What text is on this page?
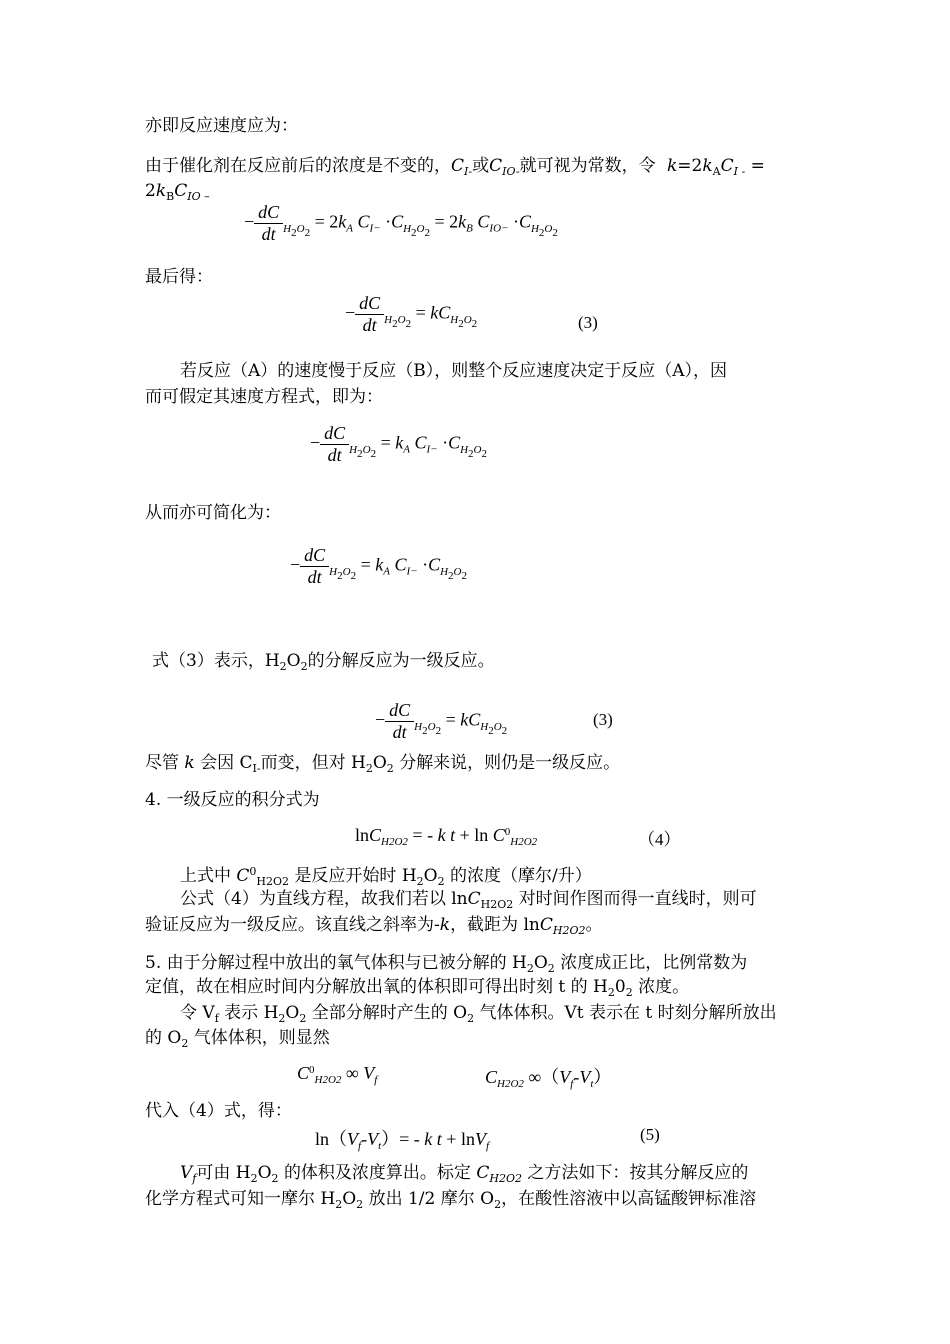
亦即反应速度应为：
由于催化剂在反应前后的浓度是不变的，$C_{I-}$或$C_{IO-}$就可视为常数，令 $k=2k_AC_{I -}$ =
$2k_BC_{IO -}$
− $\frac{dC}{dt} _{H_2O_2} = 2k_A$ $C_{I-} \cdot C_{H_2O_2} = 2k_B$ $C_{IO-} \cdot C_{H_2O_2}$
最后得：
− $\frac{dC}{dt} _{H_2O_2} = kC_{H_2O_2}$	(3)
若反应（A）的速度慢于反应（B），则整个反应速度决定于反应（A），因
而可假定其速度方程式，即为：
− $\frac{dC}{dt} _{H_2O_2} = k_A$ $C_{I-} \cdot C_{H_2O_2}$
从而亦可简化为：
− $\frac{dC}{dt} _{H_2O_2} = k_A$ $C_{I-} \cdot C_{H_2O_2}$
式（3）表示，$H_2O_2$的分解反应为一级反应。
− $\frac{dC}{dt} _{H_2O_2} = kC_{H_2O_2}$
(3)
尽管 k 会因 $C_{I-}$而变，但对 $H_2O_2$ 分解来说，则仍是一级反应。
4. 一级反应的积分式为
lnC$_{H2O2}$ = - k $t + \ln C^0_{H2O2}$	（4）
上式中 $C^0_{H2O2}$ 是反应开始时 $H_2O_2$ 的浓度（摩尔/升）
公式（4）为直线方程，故我们若以 lnC$_{H2O2}$ 对时间作图而得一直线时，则可
验证反应为一级反应。该直线之斜率为-k，截距为 lnC$_{H2O2}$。
5. 由于分解过程中放出的氧气体积与已被分解的 $H_2O_2$ 浓度成正比，比例常数为
定值，故在相应时间内分解放出氧的体积即可得出时刻 t 的 $H_20_2$ 浓度。
令 $V_f$ 表示 $H_2O_2$ 全部分解时产生的 $O_2$ 气体体积。Vt 表示在 t 时刻分解所放出
的 $O_2$ 气体体积，则显然
$C^0_{H2O2}$ ∞ $V_f$	$C_{H2O2}$ $\infty(V_f-V_t)$
代入（4）式，得：
$\ln(V_f-V_t)= - k$ t + lnV$_f$
(5)
$V_f$可由 $H_2O_2$ 的体积及浓度算出。标定 $C_{H2O2}$ 之方法如下：按其分解反应的
化学方程式可知一摩尔 $H_2O_2$ 放出 1/2 摩尔 $O_2$，在酸性溶液中以高锰酸钾标准溶
